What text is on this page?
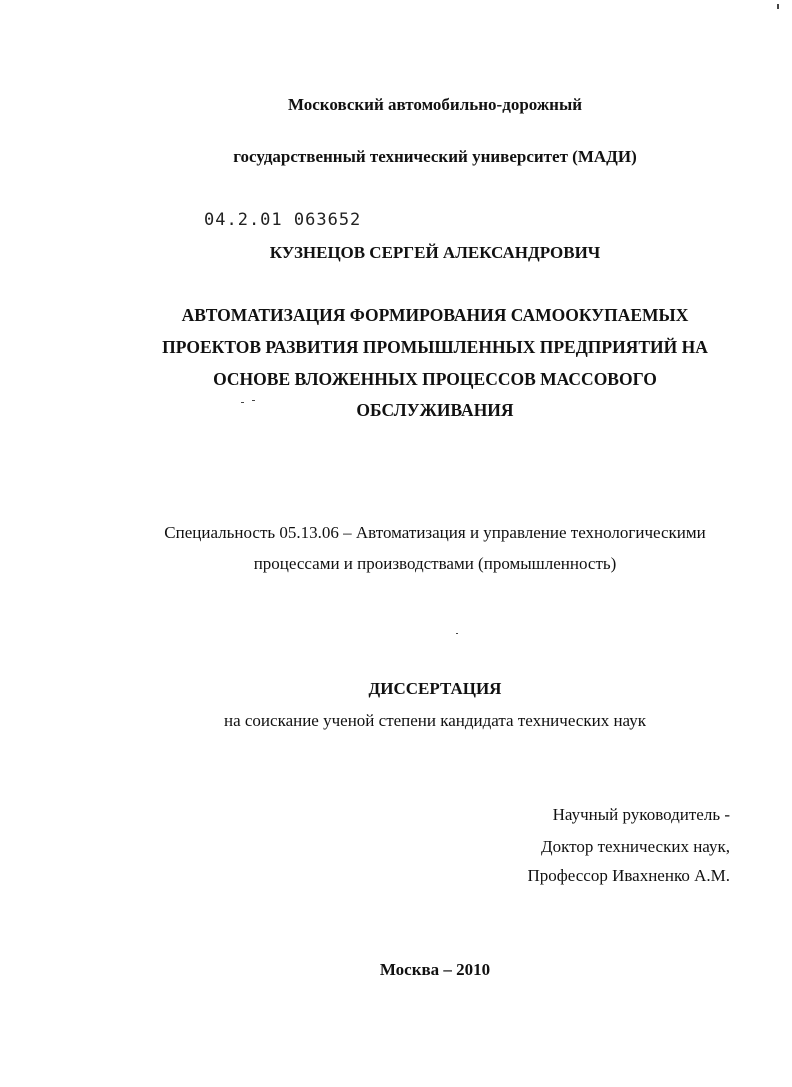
Московский автомобильно-дорожный
государственный технический университет (МАДИ)
04.2.01 063652
КУЗНЕЦОВ СЕРГЕЙ АЛЕКСАНДРОВИЧ
АВТОМАТИЗАЦИЯ ФОРМИРОВАНИЯ САМООКУПАЕМЫХ
ПРОЕКТОВ РАЗВИТИЯ ПРОМЫШЛЕННЫХ ПРЕДПРИЯТИЙ НА
ОСНОВЕ ВЛОЖЕННЫХ ПРОЦЕССОВ МАССОВОГО
ОБСЛУЖИВАНИЯ
Специальность 05.13.06 – Автоматизация и управление технологическими
процессами и производствами (промышленность)
ДИССЕРТАЦИЯ
на соискание ученой степени кандидата технических наук
Научный руководитель -
Доктор технических наук,
Профессор Ивахненко А.М.
Москва – 2010
